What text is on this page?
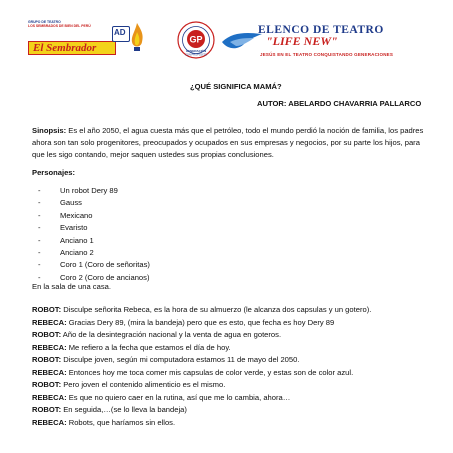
GRUPO DE TEATRO
LOS SEMBRADOS DE BIEN DEL PERÚ
El Sembrador
AD
GP
GENERACIÓN
CON PROPÓSITO
ELENCO DE TEATRO
"LIFE NEW"
JESÚS EN EL TEATRO CONQUISTANDO GENERACIONES
¿QUÉ SIGNIFICA MAMÁ?
AUTOR: ABELARDO CHAVARRIA PALLARCO
Sinopsis: Es el año 2050, el agua cuesta más que el petróleo, todo el mundo perdió la noción de familia, los padres
ahora son tan solo progenitores, preocupados y ocupados en sus empresas y negocios, por su parte los hijos, para
que les sigo contando, mejor saquen ustedes sus propias conclusiones.
Personajes:
-	Un robot Dery 89
-	Gauss
-	Mexicano
-	Evaristo
-	Anciano 1
-	Anciano 2
-	Coro 1 (Coro de señoritas)
-	Coro 2 (Coro de ancianos)
En la sala de una casa.
ROBOT: Disculpe señorita Rebeca, es la hora de su almuerzo (le alcanza dos capsulas y un gotero).
REBECA: Gracias Dery 89, (mira la bandeja) pero que es esto, que fecha es hoy Dery 89
ROBOT: Año de la desintegración nacional y la venta de agua en goteros.
REBECA: Me refiero a la fecha que estamos el día de hoy.
ROBOT: Disculpe joven, según mi computadora estamos 11 de mayo del 2050.
REBECA: Entonces hoy me toca comer mis capsulas de color verde, y estas son de color azul.
ROBOT: Pero joven el contenido alimenticio es el mismo.
REBECA: Es que no quiero caer en la rutina, así que me lo cambia, ahora…
ROBOT: En seguida,…(se lo lleva la bandeja)
REBECA: Robots, que haríamos sin ellos.
